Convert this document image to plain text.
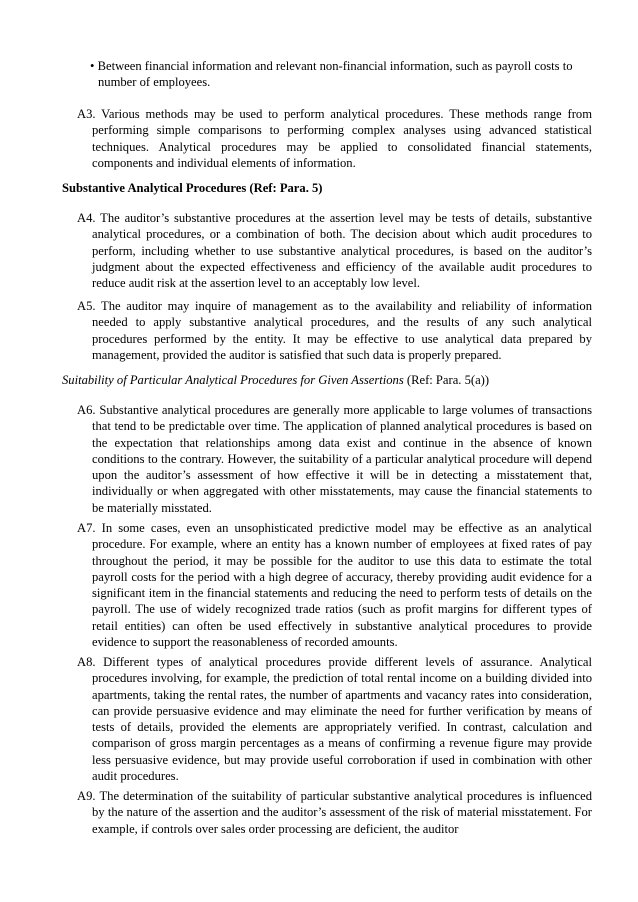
• Between financial information and relevant non-financial information, such as payroll costs to number of employees.

A3. Various methods may be used to perform analytical procedures. These methods range from performing simple comparisons to performing complex analyses using advanced statistical techniques. Analytical procedures may be applied to consolidated financial statements, components and individual elements of information.

Substantive Analytical Procedures (Ref: Para. 5)

A4. The auditor’s substantive procedures at the assertion level may be tests of details, substantive analytical procedures, or a combination of both. The decision about which audit procedures to perform, including whether to use substantive analytical procedures, is based on the auditor’s judgment about the expected effectiveness and efficiency of the available audit procedures to reduce audit risk at the assertion level to an acceptably low level.

A5. The auditor may inquire of management as to the availability and reliability of information needed to apply substantive analytical procedures, and the results of any such analytical procedures performed by the entity. It may be effective to use analytical data prepared by management, provided the auditor is satisfied that such data is properly prepared.

Suitability of Particular Analytical Procedures for Given Assertions (Ref: Para. 5(a))

A6. Substantive analytical procedures are generally more applicable to large volumes of transactions that tend to be predictable over time. The application of planned analytical procedures is based on the expectation that relationships among data exist and continue in the absence of known conditions to the contrary. However, the suitability of a particular analytical procedure will depend upon the auditor’s assessment of how effective it will be in detecting a misstatement that, individually or when aggregated with other misstatements, may cause the financial statements to be materially misstated.

A7. In some cases, even an unsophisticated predictive model may be effective as an analytical procedure. For example, where an entity has a known number of employees at fixed rates of pay throughout the period, it may be possible for the auditor to use this data to estimate the total payroll costs for the period with a high degree of accuracy, thereby providing audit evidence for a significant item in the financial statements and reducing the need to perform tests of details on the payroll. The use of widely recognized trade ratios (such as profit margins for different types of retail entities) can often be used effectively in substantive analytical procedures to provide evidence to support the reasonableness of recorded amounts.

A8. Different types of analytical procedures provide different levels of assurance. Analytical procedures involving, for example, the prediction of total rental income on a building divided into apartments, taking the rental rates, the number of apartments and vacancy rates into consideration, can provide persuasive evidence and may eliminate the need for further verification by means of tests of details, provided the elements are appropriately verified. In contrast, calculation and comparison of gross margin percentages as a means of confirming a revenue figure may provide less persuasive evidence, but may provide useful corroboration if used in combination with other audit procedures.

A9. The determination of the suitability of particular substantive analytical procedures is influenced by the nature of the assertion and the auditor’s assessment of the risk of material misstatement. For example, if controls over sales order processing are deficient, the auditor
